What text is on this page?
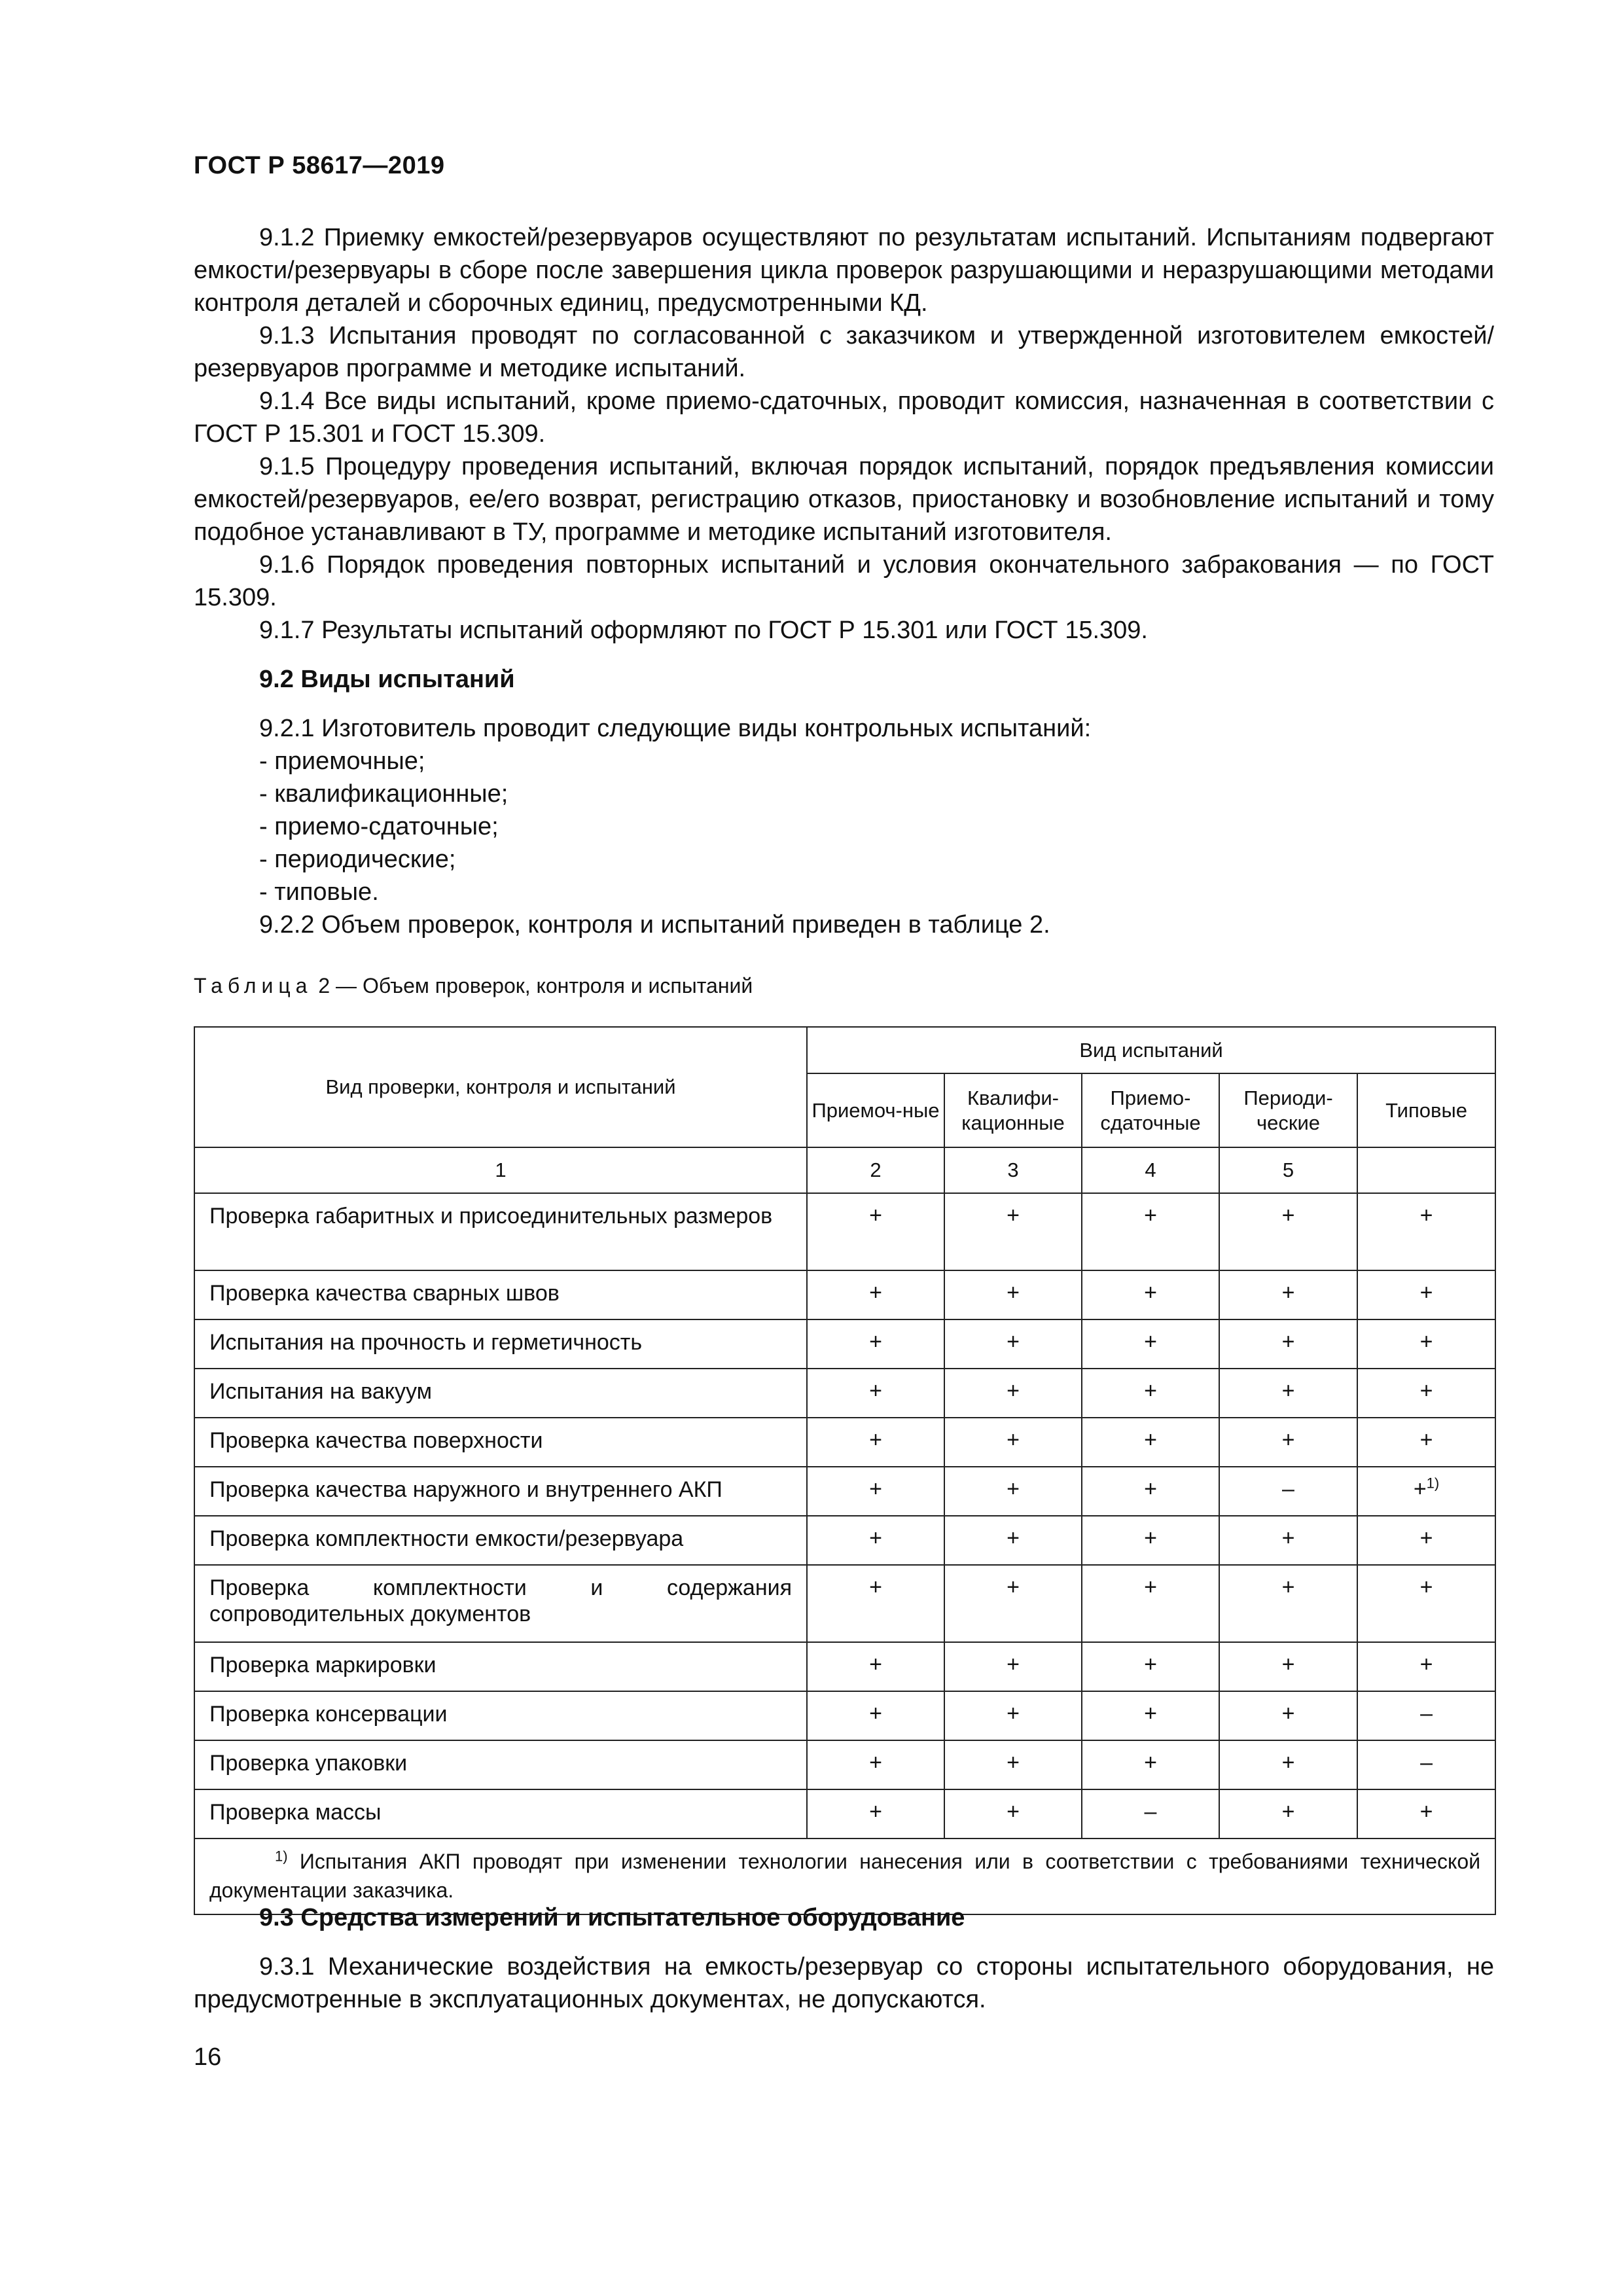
ГОСТ Р 58617—2019

9.1.2 Приемку емкостей/резервуаров осуществляют по результатам испытаний. Испытаниям подвергают емкости/резервуары в сборе после завершения цикла проверок разрушающими и неразрушающими методами контроля деталей и сборочных единиц, предусмотренными КД.

9.1.3 Испытания проводят по согласованной с заказчиком и утвержденной изготовителем емкостей/резервуаров программе и методике испытаний.

9.1.4 Все виды испытаний, кроме приемо-сдаточных, проводит комиссия, назначенная в соответствии с ГОСТ Р 15.301 и ГОСТ 15.309.

9.1.5 Процедуру проведения испытаний, включая порядок испытаний, порядок предъявления комиссии емкостей/резервуаров, ее/его возврат, регистрацию отказов, приостановку и возобновление испытаний и тому подобное устанавливают в ТУ, программе и методике испытаний изготовителя.

9.1.6 Порядок проведения повторных испытаний и условия окончательного забракования — по ГОСТ 15.309.

9.1.7 Результаты испытаний оформляют по ГОСТ Р 15.301 или ГОСТ 15.309.

9.2 Виды испытаний

9.2.1 Изготовитель проводит следующие виды контрольных испытаний:

- приемочные;

- квалификационные;

- приемо-сдаточные;

- периодические;

- типовые.

9.2.2 Объем проверок, контроля и испытаний приведен в таблице 2.

Таблица 2 — Объем проверок, контроля и испытаний
Вид проверки, контроля и испытаний	Вид испытаний				
	Приемоч-ные	Квалифи-кационные	Приемо-сдаточные	Периоди-ческие	Типовые
1	2	3	4	5	
Проверка габаритных и присоединительных размеров	+	+	+	+	+
Проверка качества сварных швов	+	+	+	+	+
Испытания на прочность и герметичность	+	+	+	+	+
Испытания на вакуум	+	+	+	+	+
Проверка качества поверхности	+	+	+	+	+
Проверка качества наружного и внутреннего АКП	+	+	+	–	+$^{1)}$
Проверка комплектности емкости/резервуара	+	+	+	+	+
Проверка комплектности и содержания сопроводительных документов	+	+	+	+	+
Проверка маркировки	+	+	+	+	+
Проверка консервации	+	+	+	+	–
Проверка упаковки	+	+	+	+	–
Проверка массы	+	+	–	+	+
$^{1)}$ Испытания АКП проводят при изменении технологии нанесения или в соответствии с требованиями технической документации заказчика.					
9.3 Средства измерений и испытательное оборудование

9.3.1 Механические воздействия на емкость/резервуар со стороны испытательного оборудования, не предусмотренные в эксплуатационных документах, не допускаются.

16
